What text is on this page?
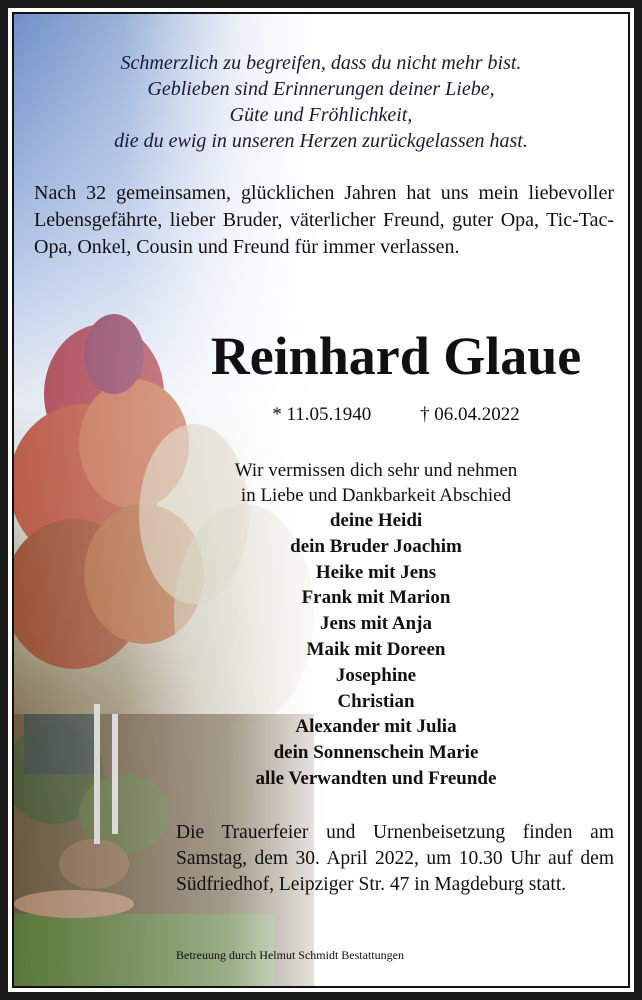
Schmerzlich zu begreifen, dass du nicht mehr bist.
Geblieben sind Erinnerungen deiner Liebe,
Güte und Fröhlichkeit,
die du ewig in unseren Herzen zurückgelassen hast.
Nach 32 gemeinsamen, glücklichen Jahren hat uns mein liebevoller Lebensgefährte, lieber Bruder, väterlicher Freund, guter Opa, Tic-Tac-Opa, Onkel, Cousin und Freund für immer verlassen.
Reinhard Glaue
* 11.05.1940	† 06.04.2022
Wir vermissen dich sehr und nehmen
in Liebe und Dankbarkeit Abschied
deine Heidi
dein Bruder Joachim
Heike mit Jens
Frank mit Marion
Jens mit Anja
Maik mit Doreen
Josephine
Christian
Alexander mit Julia
dein Sonnenschein Marie
alle Verwandten und Freunde
Die Trauerfeier und Urnenbeisetzung finden am Samstag, dem 30. April 2022, um 10.30 Uhr auf dem Südfriedhof, Leipziger Str. 47 in Magdeburg statt.
Betreuung durch Helmut Schmidt Bestattungen
